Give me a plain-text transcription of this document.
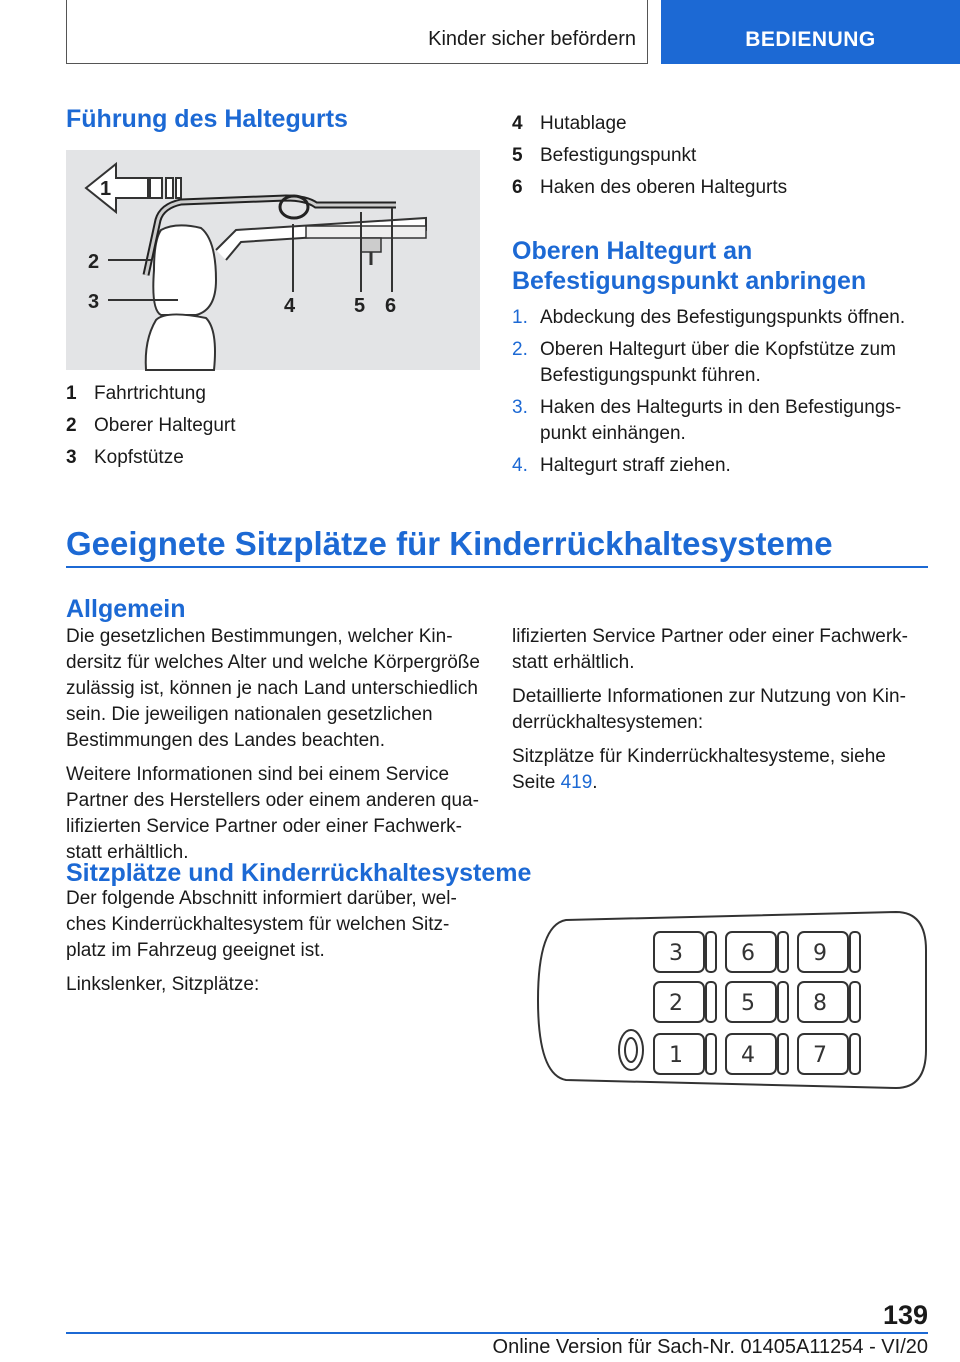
Kinder sicher befördern	BEDIENUNG
Führung des Haltegurts
1
2
3	4	5 6
1 Fahrtrichtung
2 Oberer Haltegurt
3 Kopfstütze
4 Hutablage
5 Befestigungspunkt
6 Haken des oberen Haltegurts
Oberen Haltegurt an
Befestigungspunkt anbringen
1. Abdeckung des Befestigungspunkts öffnen.
2. Oberen Haltegurt über die Kopfstütze zum Befestigungspunkt führen.
3. Haken des Haltegurts in den Befestigungspunkt einhängen.
4. Haltegurt straff ziehen.
Geeignete Sitzplätze für Kinderrückhaltesysteme
Allgemein

Die gesetzlichen Bestimmungen, welcher Kindersitz für welches Alter und welche Körpergröße zulässig ist, können je nach Land unterschiedlich sein. Die jeweiligen nationalen gesetzlichen Bestimmungen des Landes beachten.

Weitere Informationen sind bei einem Service Partner des Herstellers oder einem anderen qualifizierten Service Partner oder einer Fachwerkstatt erhältlich.

lifizierten Service Partner oder einer Fachwerkstatt erhältlich.

Detaillierte Informationen zur Nutzung von Kinderrückhaltesystemen:

Sitzplätze für Kinderrückhaltesysteme, siehe Seite 419.

Sitzplätze und Kinderrückhaltesysteme

Der folgende Abschnitt informiert darüber, welches Kinderrückhaltesystem für welchen Sitzplatz im Fahrzeug geeignet ist.

Linkslenker, Sitzplätze:

3	6	9
2	5	8
1	4	7
139
Online Version für Sach-Nr. 01405A11254 - VI/20
